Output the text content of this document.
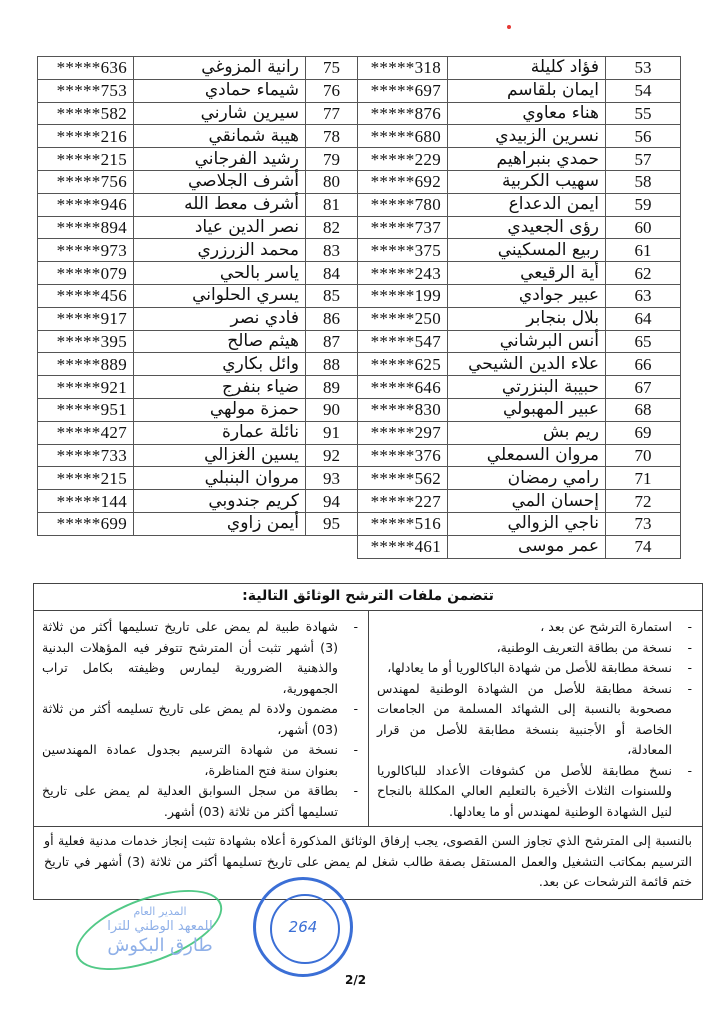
*****318	فؤاد كليلة	53
*****697	ايمان بلقاسم	54
*****876	هناء معاوي	55
*****680	نسرين الزبيدي	56
*****229	حمدي بنبراهيم	57
*****692	سهيب الكربية	58
*****780	ايمن الدعداع	59
*****737	رؤى الجعيدي	60
*****375	ربيع المسكيني	61
*****243	أية الرقيعي	62
*****199	عبير جوادي	63
*****250	بلال بنجابر	64
*****547	أنس البرشاني	65
*****625	علاء الدين الشيحي	66
*****646	حبيبة البنزرتي	67
*****830	عبير المهبولي	68
*****297	ريم بش	69
*****376	مروان السمعلي	70
*****562	رامي رمضان	71
*****227	إحسان المي	72
*****516	ناجي الزوالي	73
*****461	عمر موسى	74
*****636	رانية المزوغي	75
*****753	شيماء حمادي	76
*****582	سيرين شارني	77
*****216	هيبة شمانقي	78
*****215	رشيد الفرجاني	79
*****756	أشرف الجلاصي	80
*****946	أشرف معط الله	81
*****894	نصر الدين عياد	82
*****973	محمد الزرزري	83
*****079	ياسر بالحي	84
*****456	يسري الحلواني	85
*****917	فادي نصر	86
*****395	هيثم صالح	87
*****889	وائل بكاري	88
*****921	ضياء بنفرج	89
*****951	حمزة مولهي	90
*****427	نائلة عمارة	91
*****733	يسين الغزالي	92
*****215	مروان البنبلي	93
*****144	كريم جندوبي	94
*****699	أيمن زاوي	95
تتضمن ملفات الترشح الوثائق التالية:
- استمارة الترشح عن بعد ،
- نسخة من بطاقة التعريف الوطنية،
- نسخة مطابقة للأصل من شهادة الباكالوريا أو ما يعادلها،
- نسخة مطابقة للأصل من الشهادة الوطنية لمهندس مصحوبة بالنسبة إلى الشهائد المسلمة من الجامعات الخاصة أو الأجنبية بنسخة مطابقة للأصل من قرار المعادلة،
- نسخ مطابقة للأصل من كشوفات الأعداد للباكالوريا وللسنوات الثلاث الأخيرة بالتعليم العالي المكللة بالنجاح لنيل الشهادة الوطنية لمهندس أو ما يعادلها.
- شهادة طبية لم يمض على تاريخ تسليمها أكثر من ثلاثة (3) أشهر تثبت أن المترشح تتوفر فيه المؤهلات البدنية والذهنية الضرورية ليمارس وظيفته بكامل تراب الجمهورية،
- مضمون ولادة لم يمض على تاريخ تسليمه أكثر من ثلاثة (03) أشهر،
- نسخة من شهادة الترسيم بجدول عمادة المهندسين بعنوان سنة فتح المناظرة،
- بطاقة من سجل السوابق العدلية لم يمض على تاريخ تسليمها أكثر من ثلاثة (03) أشهر.
بالنسبة إلى المترشح الذي تجاوز السن القصوى، يجب إرفاق الوثائق المذكورة أعلاه بشهادة تثبت إنجاز خدمات مدنية فعلية أو الترسيم بمكاتب التشغيل والعمل المستقل بصفة طالب شغل لم يمض على تاريخ تسليمها أكثر من ثلاثة (3) أشهر في تاريخ ختم قائمة الترشحات عن بعد.
المدير العام
للمعهد الوطني للترا
طارق البكوش
264
2/2
